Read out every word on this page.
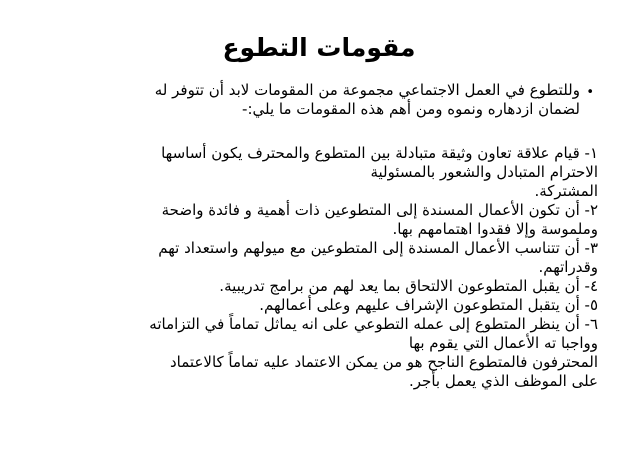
مقومات التطوع
•
وللتطوع في العمل الاجتماعي مجموعة من المقومات لابد أن تتوفر له
لضمان ازدهاره ونموه ومن أهم هذه المقومات ما يلي:-
١- قيام علاقة تعاون وثيقة متبادلة بين المتطوع والمحترف يكون أساسها
الاحترام المتبادل والشعور بالمسئولية
المشتركة.
٢- أن تكون الأعمال المسندة إلى المتطوعين ذات أهمية و فائدة واضحة
وملموسة وإلا فقدوا اهتمامهم بها.
٣- أن تتناسب الأعمال المسندة إلى المتطوعين مع ميولهم واستعداد تهم
وقدراتهم.
٤- أن يقبل المتطوعون الالتحاق بما يعد لهم من برامج تدريبية.
٥- أن يتقبل المتطوعون الإشراف عليهم وعلى أعمالهم.
٦- أن ينظر المتطوع إلى عمله التطوعي على انه يماثل تماماً في التزاماته
وواجبا ته الأعمال التي يقوم بها
المحترفون فالمتطوع الناجح هو من يمكن الاعتماد عليه تماماً كالاعتماد
على الموظف الذي يعمل بأجر.
